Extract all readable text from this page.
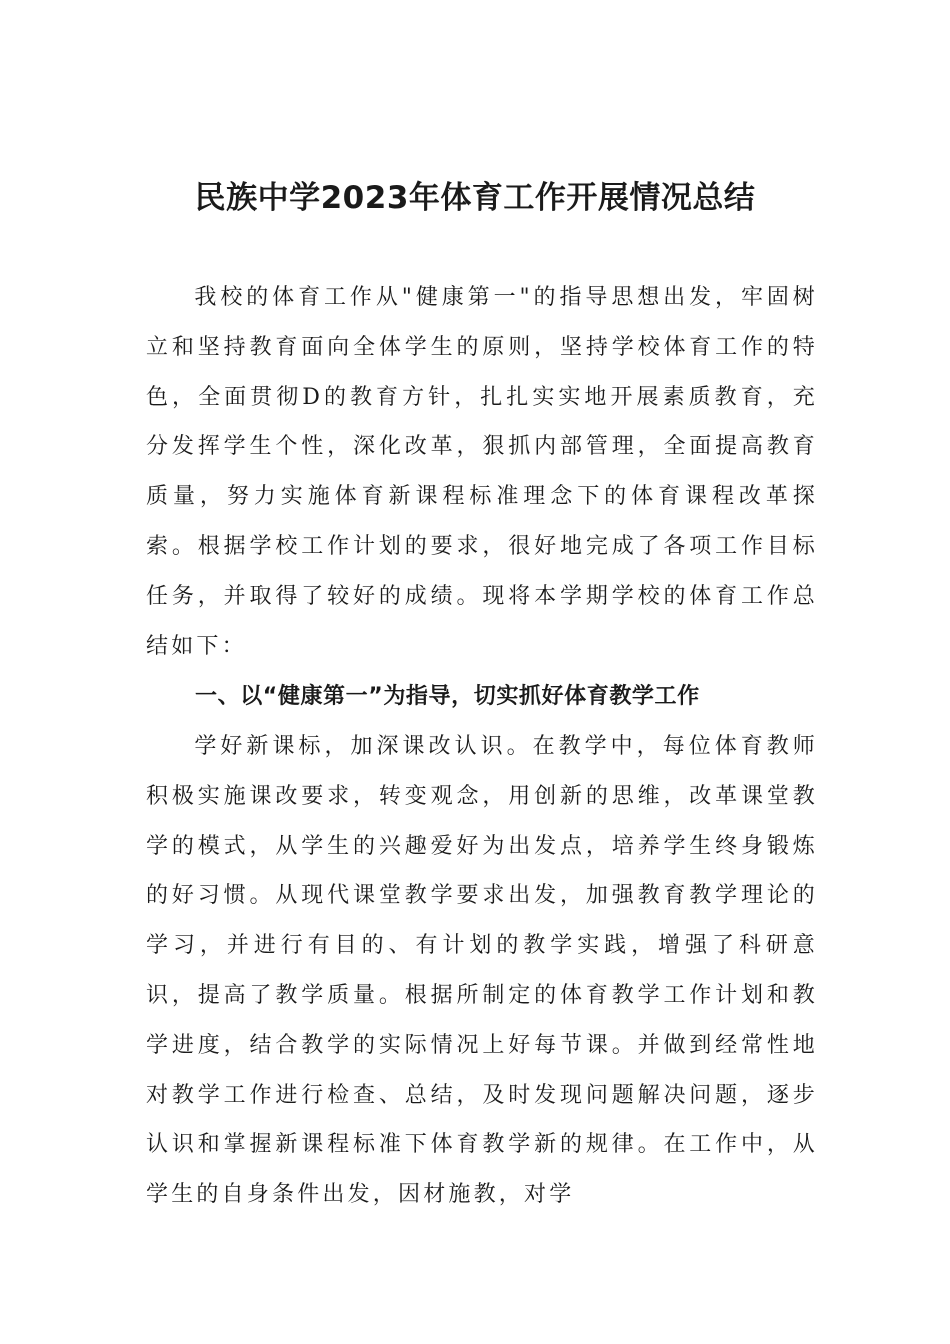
民族中学2023年体育工作开展情况总结

我校的体育工作从"健康第一"的指导思想出发，牢固树立和坚持教育面向全体学生的原则，坚持学校体育工作的特色，全面贯彻D的教育方针，扎扎实实地开展素质教育，充分发挥学生个性，深化改革，狠抓内部管理，全面提高教育质量，努力实施体育新课程标准理念下的体育课程改革探索。根据学校工作计划的要求，很好地完成了各项工作目标任务，并取得了较好的成绩。现将本学期学校的体育工作总结如下：

一、以“健康第一”为指导，切实抓好体育教学工作

学好新课标，加深课改认识。在教学中，每位体育教师积极实施课改要求，转变观念，用创新的思维，改革课堂教学的模式，从学生的兴趣爱好为出发点，培养学生终身锻炼的好习惯。从现代课堂教学要求出发，加强教育教学理论的学习，并进行有目的、有计划的教学实践，增强了科研意识，提高了教学质量。根据所制定的体育教学工作计划和教学进度，结合教学的实际情况上好每节课。并做到经常性地对教学工作进行检查、总结，及时发现问题解决问题，逐步认识和掌握新课程标准下体育教学新的规律。在工作中，从学生的自身条件出发，因材施教，对学
